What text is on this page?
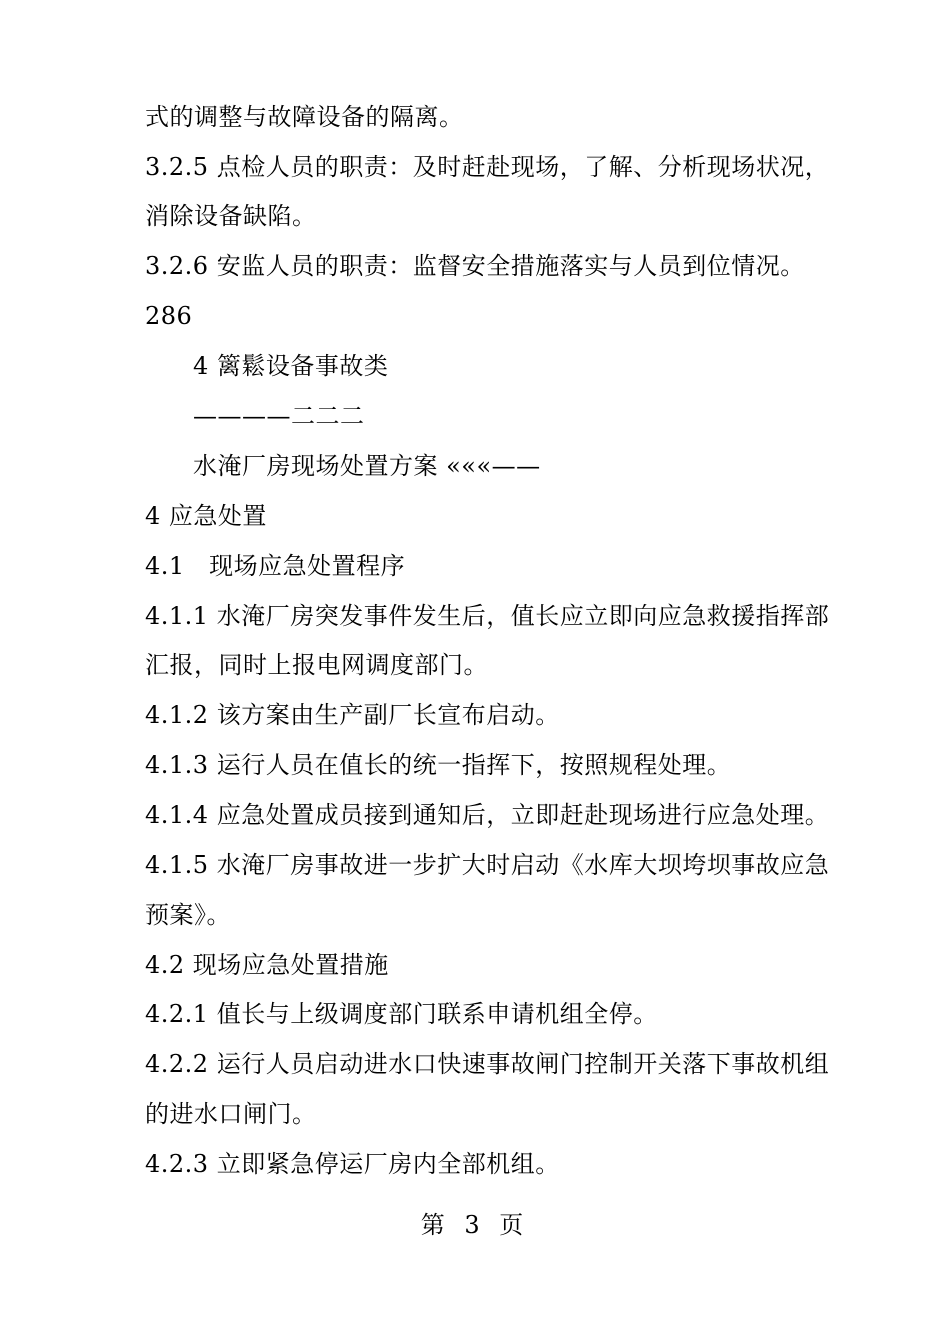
式的调整与故障设备的隔离。
3.2.5 点检人员的职责：及时赶赴现场，了解、分析现场状况，
消除设备缺陷。
3.2.6 安监人员的职责：监督安全措施落实与人员到位情况。
286
4 篱鬆设备事故类
————二二二
水淹厂房现场处置方案 «««——
4 应急处置
4.1　现场应急处置程序
4.1.1 水淹厂房突发事件发生后，值长应立即向应急救援指挥部
汇报，同时上报电网调度部门。
4.1.2 该方案由生产副厂长宣布启动。
4.1.3 运行人员在值长的统一指挥下，按照规程处理。
4.1.4 应急处置成员接到通知后，立即赶赴现场进行应急处理。
4.1.5 水淹厂房事故进一步扩大时启动《水库大坝垮坝事故应急
预案》。
4.2 现场应急处置措施
4.2.1 值长与上级调度部门联系申请机组全停。
4.2.2 运行人员启动进水口快速事故闸门控制开关落下事故机组
的进水口闸门。
4.2.3 立即紧急停运厂房内全部机组。
第 3 页
